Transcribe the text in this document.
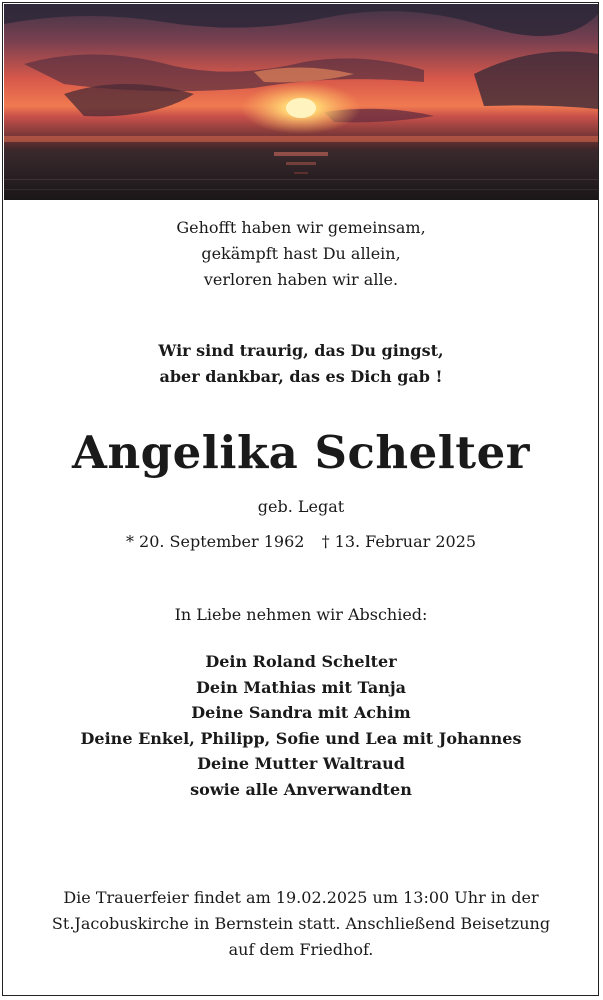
Gehofft haben wir gemeinsam,
gekämpft hast Du allein,
verloren haben wir alle.
Wir sind traurig, das Du gingst,
aber dankbar, das es Dich gab !
Angelika Schelter
geb. Legat
* 20. September 1962 † 13. Februar 2025
In Liebe nehmen wir Abschied:
Dein Roland Schelter
Dein Mathias mit Tanja
Deine Sandra mit Achim
Deine Enkel, Philipp, Sofie und Lea mit Johannes
Deine Mutter Waltraud
sowie alle Anverwandten
Die Trauerfeier findet am 19.02.2025 um 13:00 Uhr in der
St.Jacobuskirche in Bernstein statt. Anschließend Beisetzung
auf dem Friedhof.
